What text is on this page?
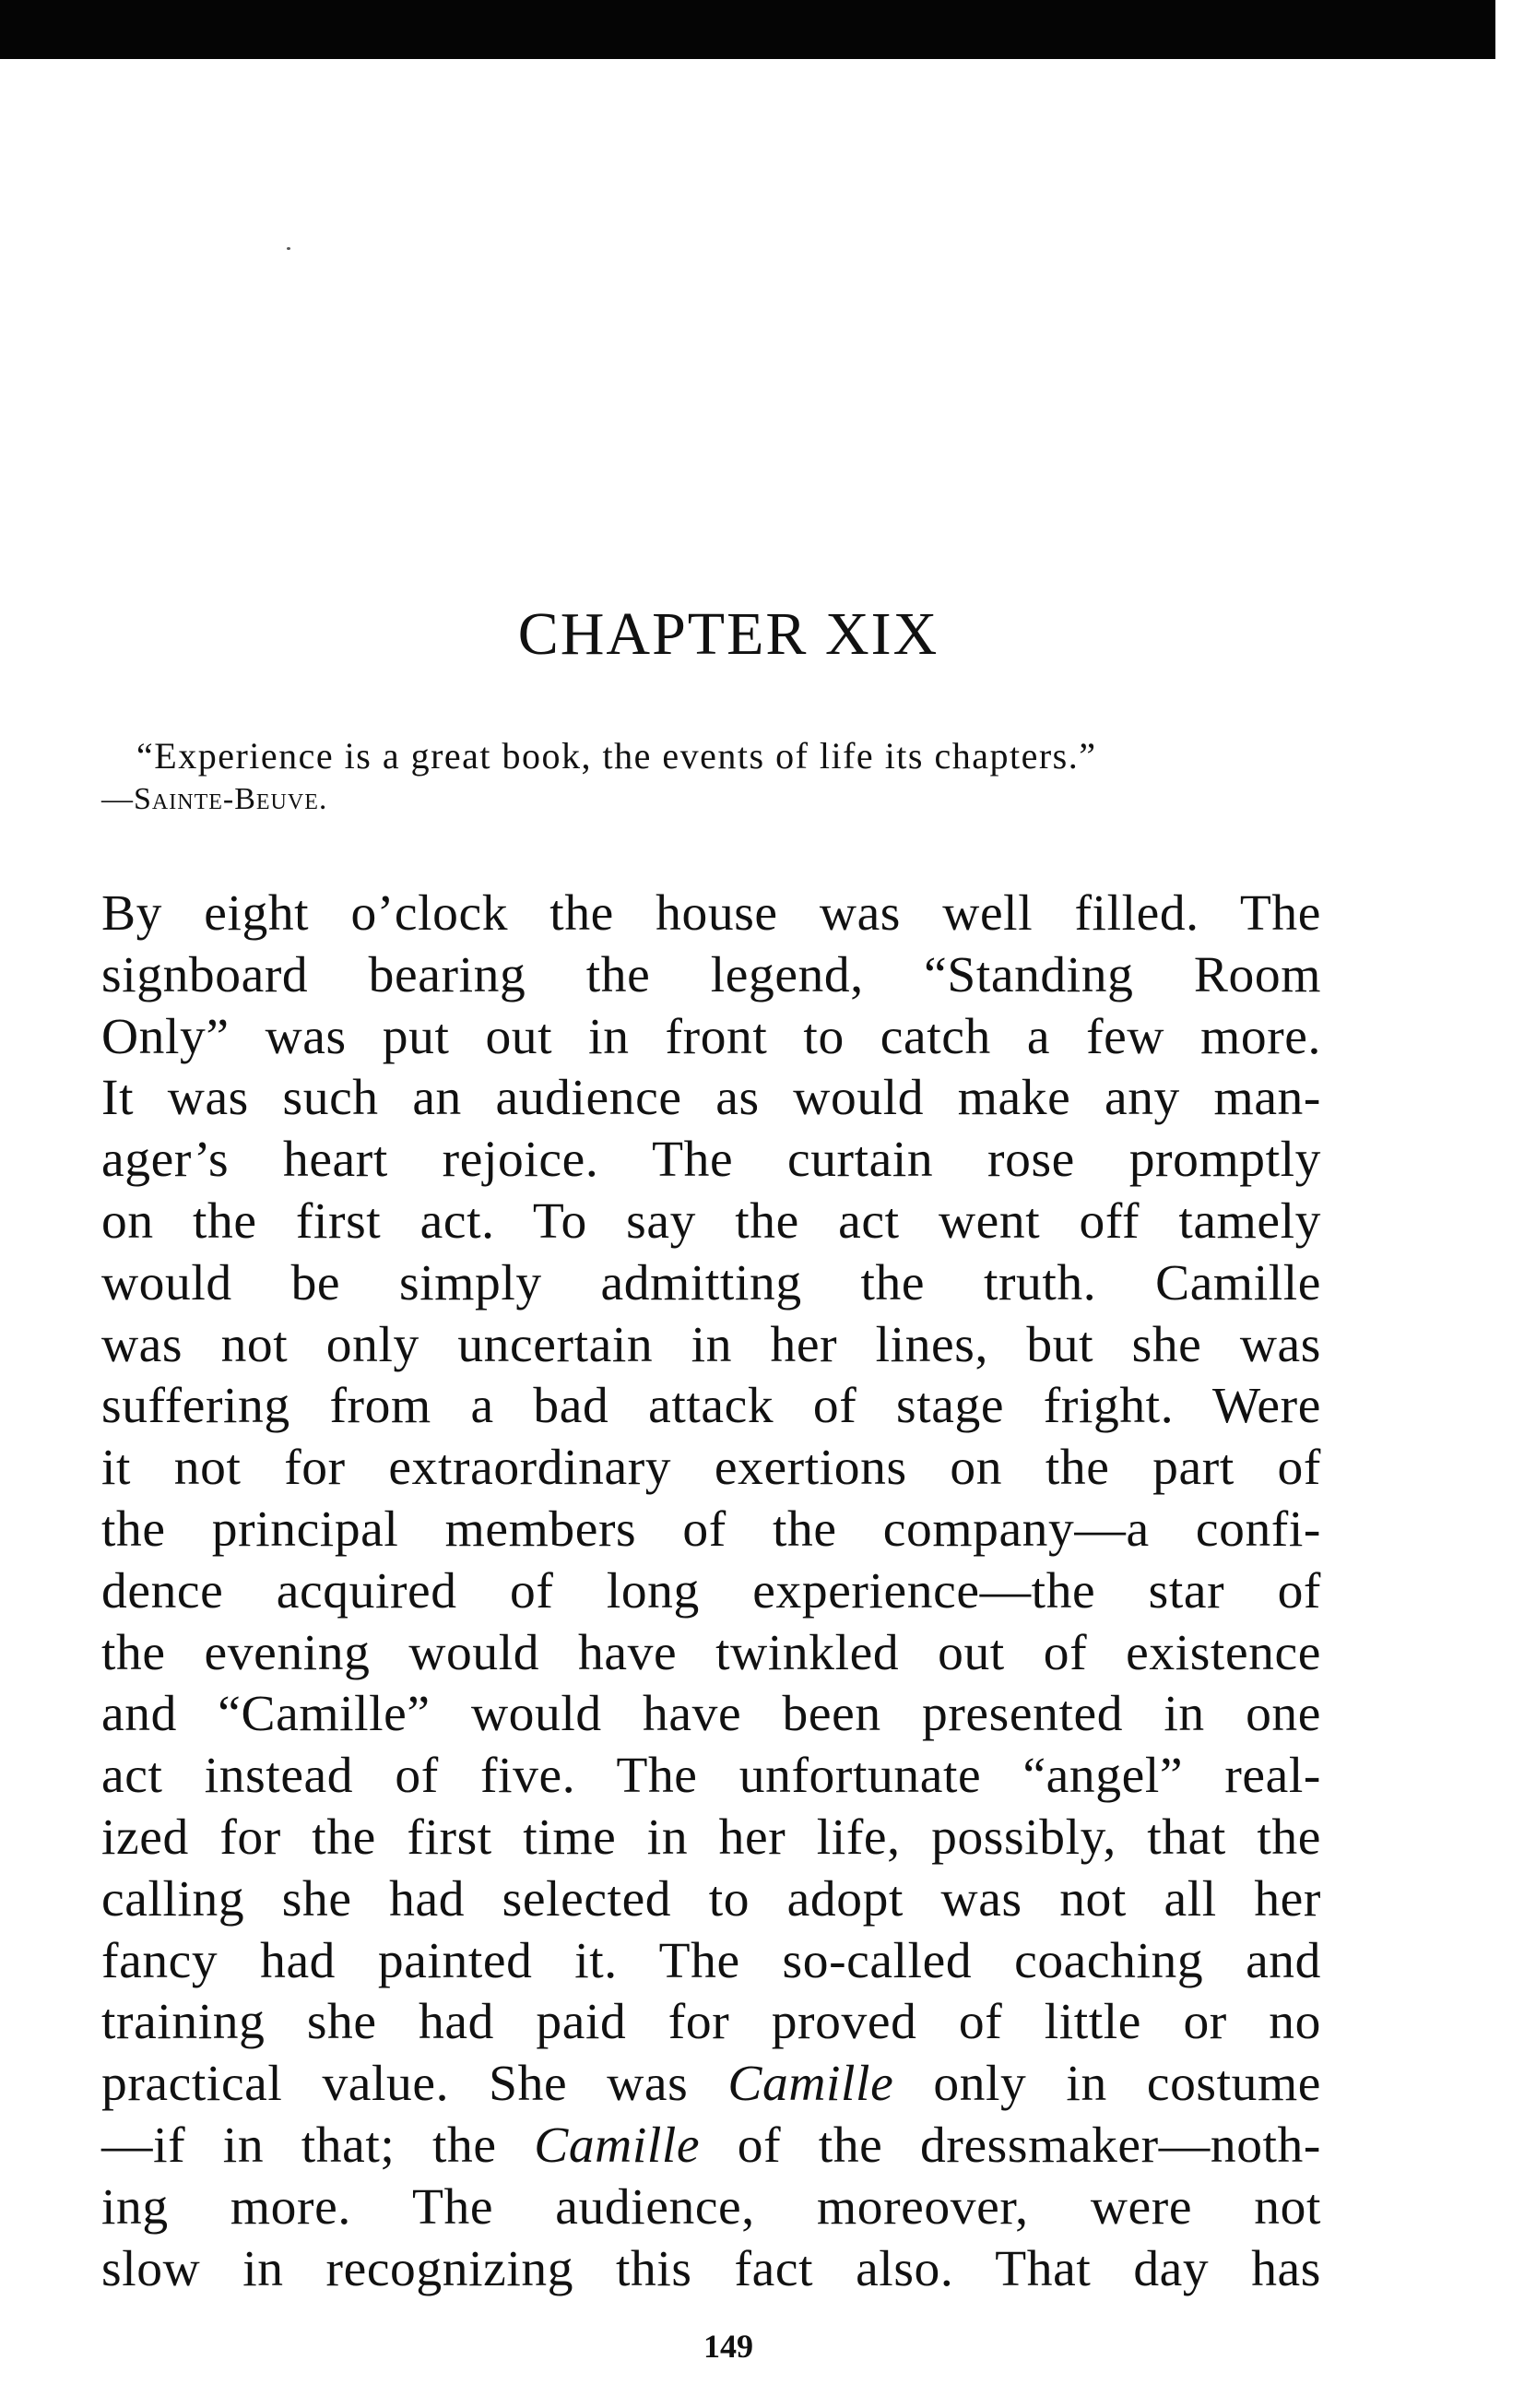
CHAPTER XIX

“Experience is a great book, the events of life its chapters.”

—Sainte-Beuve.

By eight o’clock the house was well filled. The
signboard bearing the legend, “Standing Room
Only” was put out in front to catch a few more.
It was such an audience as would make any man-
ager’s heart rejoice. The curtain rose promptly
on the first act. To say the act went off tamely
would be simply admitting the truth. Camille
was not only uncertain in her lines, but she was
suffering from a bad attack of stage fright. Were
it not for extraordinary exertions on the part of
the principal members of the company—a confi-
dence acquired of long experience—the star of
the evening would have twinkled out of existence
and “Camille” would have been presented in one
act instead of five. The unfortunate “angel” real-
ized for the first time in her life, possibly, that the
calling she had selected to adopt was not all her
fancy had painted it. The so-called coaching and
training she had paid for proved of little or no
practical value. She was Camille only in costume
—if in that; the Camille of the dressmaker—noth-
ing more. The audience, moreover, were not
slow in recognizing this fact also. That day has

149
